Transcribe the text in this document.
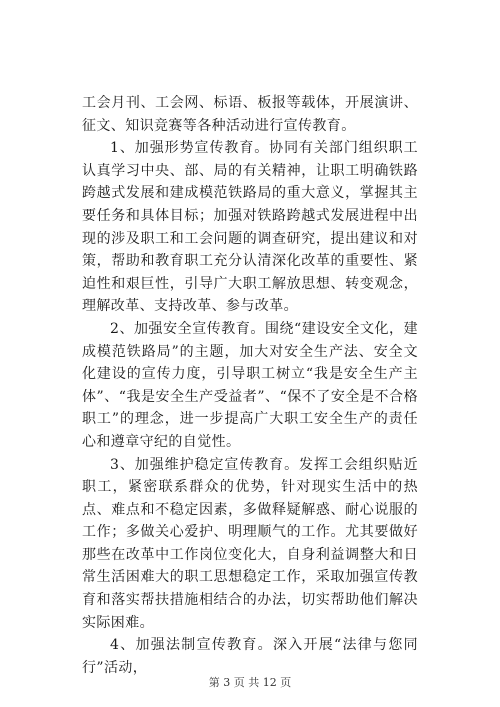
工会月刊、工会网、标语、板报等载体，开展演讲、征文、知识竞赛等各种活动进行宣传教育。

1、加强形势宣传教育。协同有关部门组织职工认真学习中央、部、局的有关精神，让职工明确铁路跨越式发展和建成模范铁路局的重大意义，掌握其主要任务和具体目标；加强对铁路跨越式发展进程中出现的涉及职工和工会问题的调查研究，提出建议和对策，帮助和教育职工充分认清深化改革的重要性、紧迫性和艰巨性，引导广大职工解放思想、转变观念，理解改革、支持改革、参与改革。

2、加强安全宣传教育。围绕“建设安全文化，建成模范铁路局”的主题，加大对安全生产法、安全文化建设的宣传力度，引导职工树立“我是安全生产主体”、“我是安全生产受益者”、“保不了安全是不合格职工”的理念，进一步提高广大职工安全生产的责任心和遵章守纪的自觉性。

3、加强维护稳定宣传教育。发挥工会组织贴近职工，紧密联系群众的优势，针对现实生活中的热点、难点和不稳定因素，多做释疑解惑、耐心说服的工作；多做关心爱护、明理顺气的工作。尤其要做好那些在改革中工作岗位变化大，自身利益调整大和日常生活困难大的职工思想稳定工作，采取加强宣传教育和落实帮扶措施相结合的办法，切实帮助他们解决实际困难。

4、加强法制宣传教育。深入开展“法律与您同行”活动，

第 3 页 共 12 页
